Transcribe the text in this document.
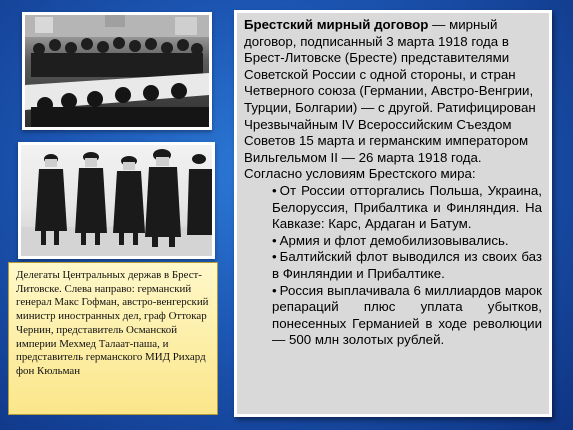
Делегаты Центральных держав в Брест-Литовске. Слева направо: германский генерал Макс Гофман, австро-венгерский министр иностранных дел, граф Оттокар Чернин, представитель Османской империи Мехмед Талаат-паша, и представитель германского МИД Рихард фон Кюльман

Брестский мирный договор — мирный договор, подписанный 3 марта 1918 года в Брест-Литовске (Бресте) представителями Советской России с одной стороны, и стран Четверного союза (Германии, Австро-Венгрии, Турции, Болгарии) — с другой. Ратифицирован Чрезвычайным IV Всероссийским Съездом Советов 15 марта и германским императором Вильгельмом II — 26 марта 1918 года.

Согласно условиям Брестского мира:

• От России отторгались Польша, Украина, Белоруссия, Прибалтика и Финляндия. На Кавказе: Карс, Ардаган и Батум.
• Армия и флот демобилизовывались.
• Балтийский флот выводился из своих баз в Финляндии и Прибалтике.
• Россия выплачивала 6 миллиардов марок репараций плюс уплата убытков, понесенных Германией в ходе революции — 500 млн золотых рублей.
